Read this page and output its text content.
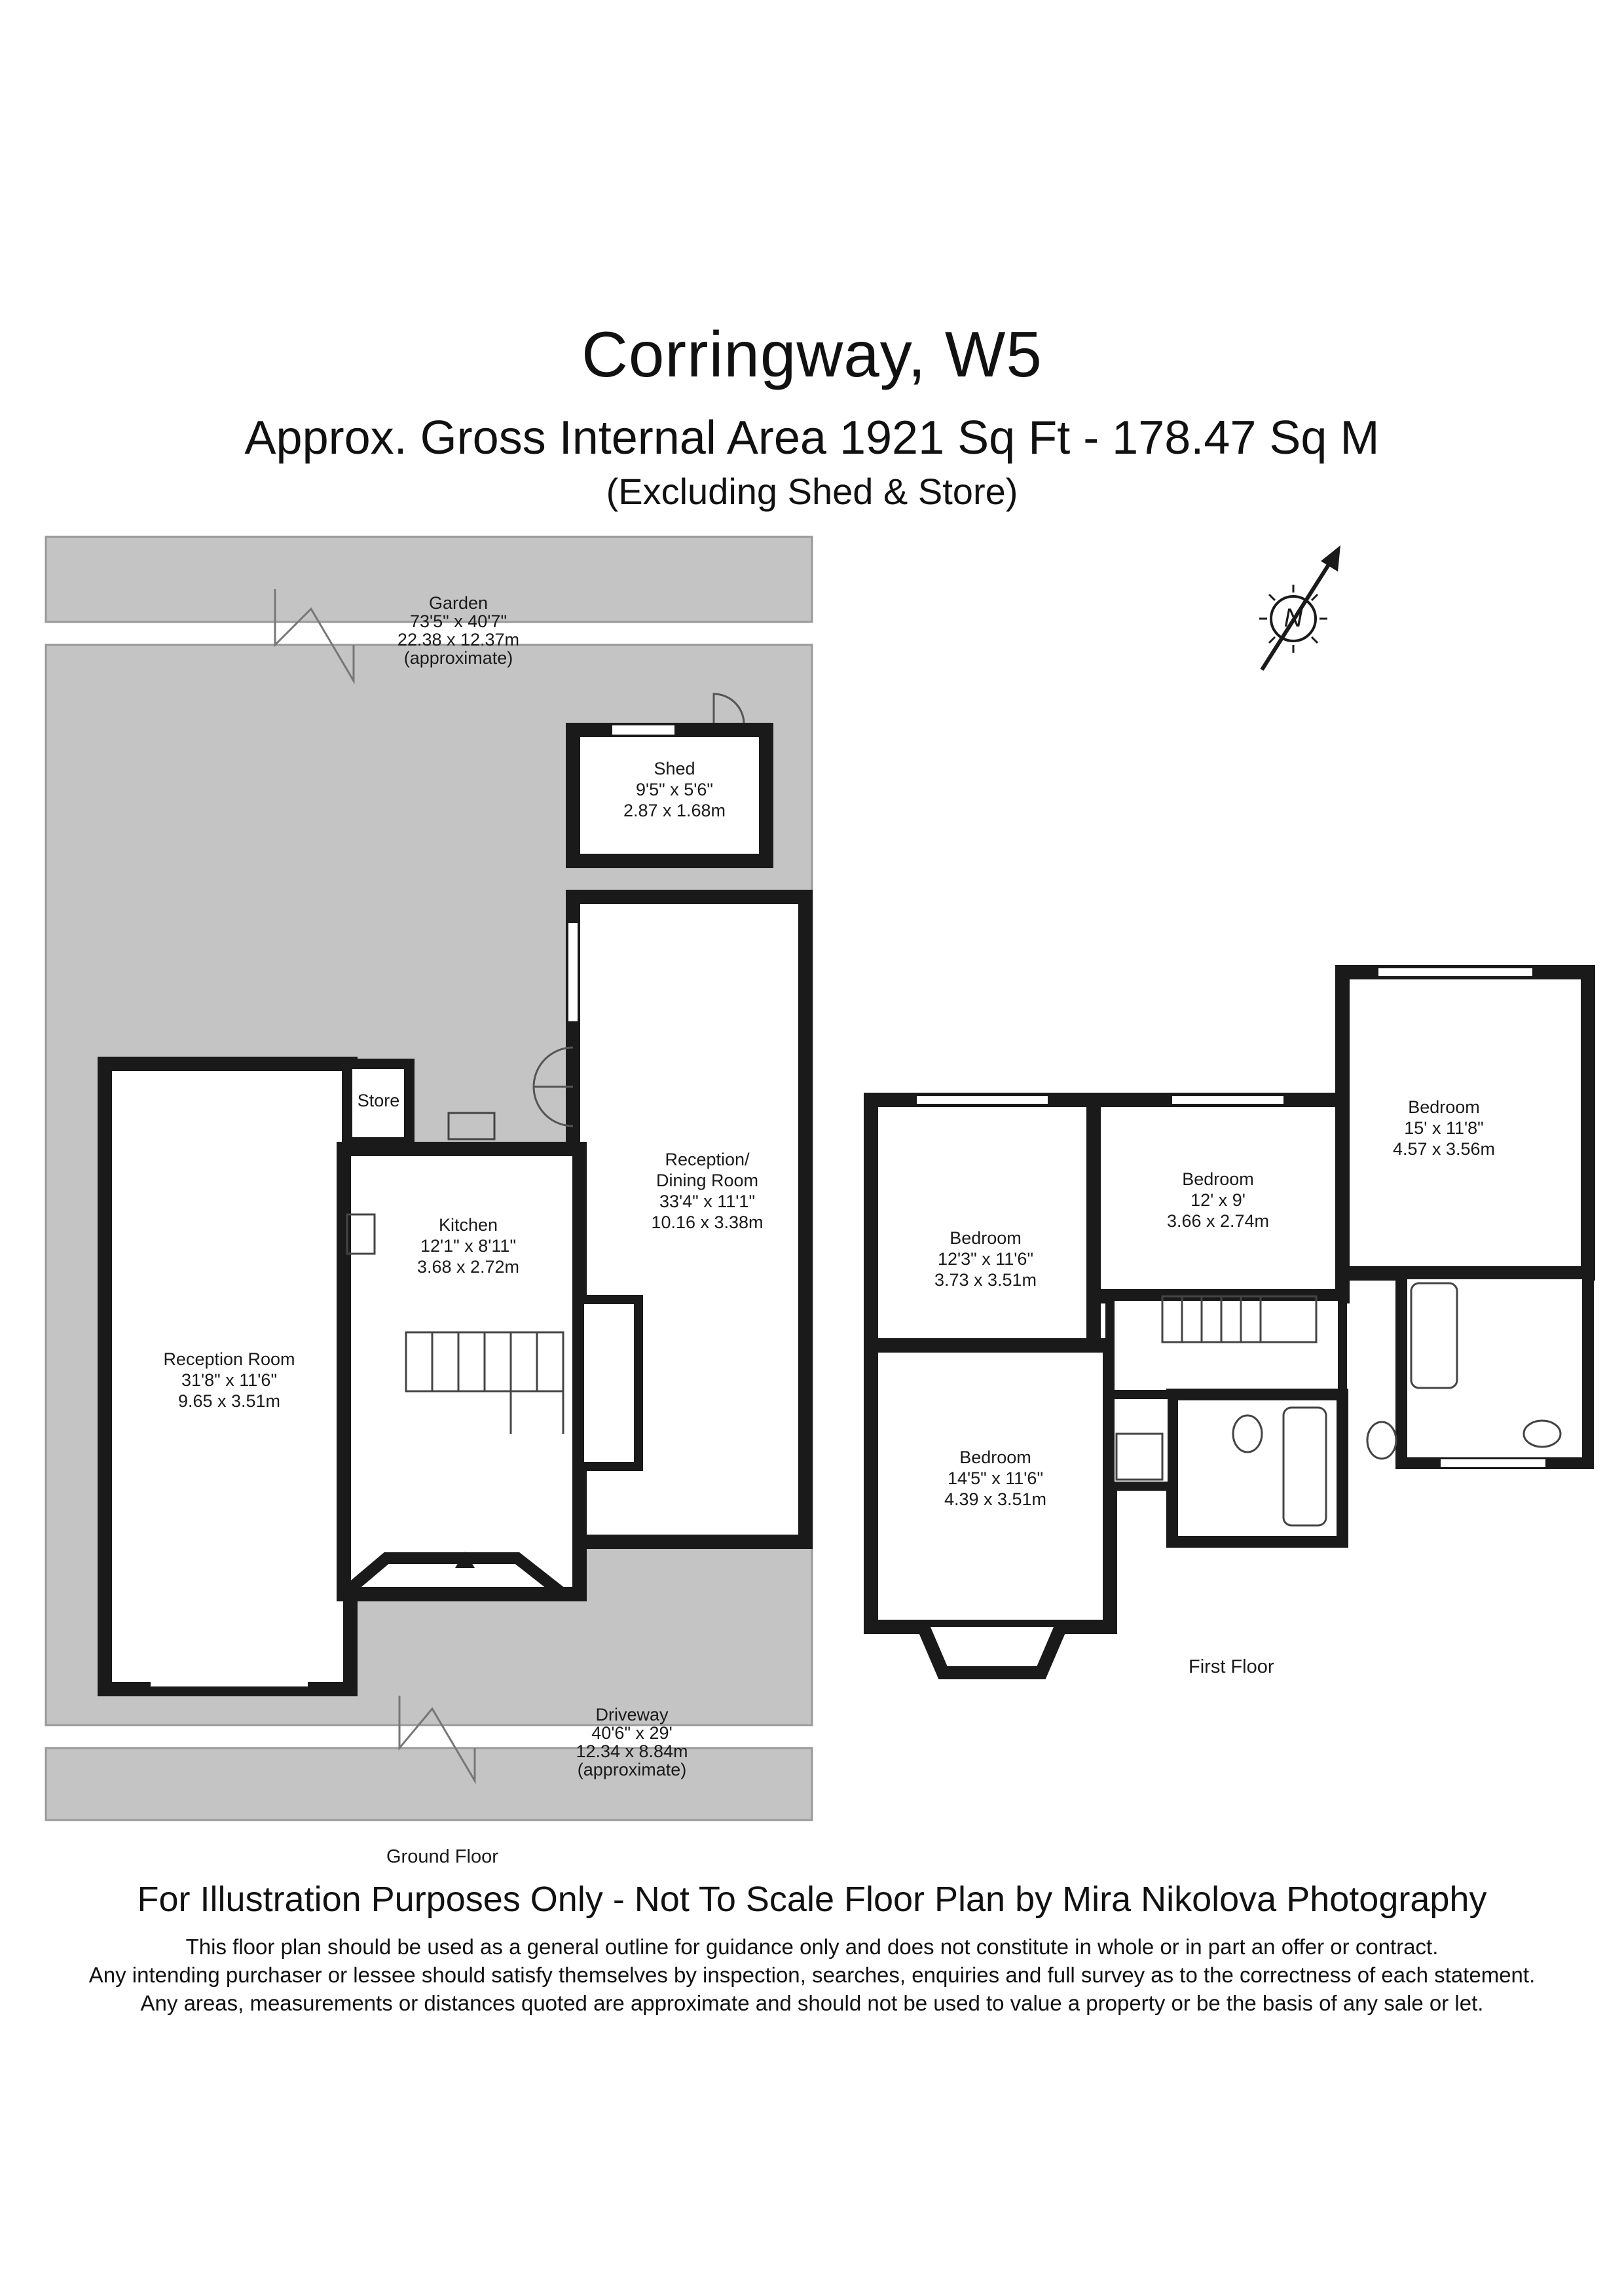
Corringway, W5
Approx. Gross Internal Area 1921 Sq Ft - 178.47 Sq M
(Excluding Shed & Store)
Garden
73'5" x 40'7"
22.38 x 12.37m
(approximate)
Shed
9'5" x 5'6"
2.87 x 1.68m
Store
Reception/
Dining Room
33'4" x 11'1"
10.16 x 3.38m
Kitchen
12'1" x 8'11"
3.68 x 2.72m
Reception Room
31'8" x 11'6"
9.65 x 3.51m
Driveway
40'6" x 29'
12.34 x 8.84m
(approximate)
Ground Floor
Bedroom
12'3" x 11'6"
3.73 x 3.51m
Bedroom
12' x 9'
3.66 x 2.74m
Bedroom
15' x 11'8"
4.57 x 3.56m
Bedroom
14'5" x 11'6"
4.39 x 3.51m
First Floor
N
For Illustration Purposes Only - Not To Scale Floor Plan by Mira Nikolova Photography
This floor plan should be used as a general outline for guidance only and does not constitute in whole or in part an offer or contract.
Any intending purchaser or lessee should satisfy themselves by inspection, searches, enquiries and full survey as to the correctness of each statement.
Any areas, measurements or distances quoted are approximate and should not be used to value a property or be the basis of any sale or let.
